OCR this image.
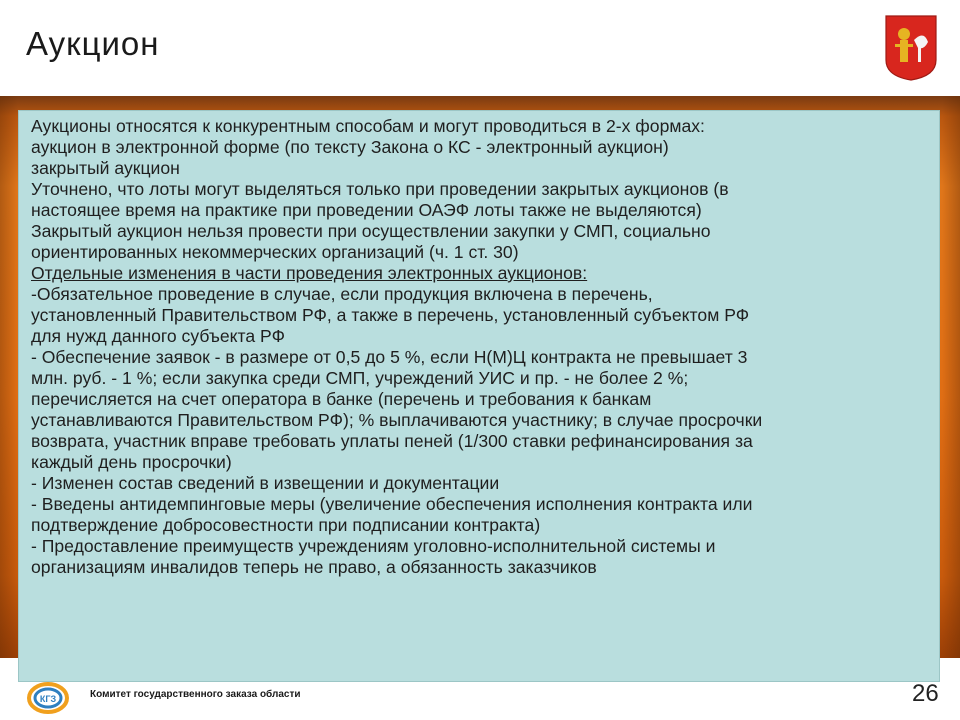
Аукцион

Аукционы относятся к конкурентным способам и могут проводиться в 2-х формах:

аукцион в электронной форме (по тексту Закона о КС - электронный аукцион)

закрытый аукцион

Уточнено, что лоты могут выделяться только при проведении закрытых аукционов (в

настоящее время на практике при проведении ОАЭФ лоты также не выделяются)

Закрытый аукцион нельзя провести при осуществлении закупки у СМП, социально

ориентированных некоммерческих организаций (ч. 1 ст. 30)

Отдельные изменения в части проведения электронных аукционов:

-Обязательное проведение в случае, если продукция включена в перечень,

установленный Правительством РФ, а также в перечень, установленный субъектом РФ

для нужд данного субъекта РФ

- Обеспечение заявок - в размере от 0,5 до 5 %, если Н(М)Ц контракта не превышает 3

млн. руб. - 1 %; если закупка среди СМП, учреждений УИС и пр. - не более 2 %;

перечисляется на счет оператора в банке (перечень и требования к банкам

устанавливаются Правительством РФ); % выплачиваются участнику; в случае просрочки

возврата, участник вправе требовать уплаты пеней (1/300 ставки рефинансирования за

каждый день просрочки)

- Изменен состав сведений в извещении и документации

- Введены антидемпинговые меры (увеличение обеспечения исполнения контракта или

подтверждение добросовестности при подписании контракта)

- Предоставление преимуществ учреждениям уголовно-исполнительной системы и

организациям инвалидов теперь не право, а обязанность заказчиков

КГЗ	Комитет государственного заказа области	26
